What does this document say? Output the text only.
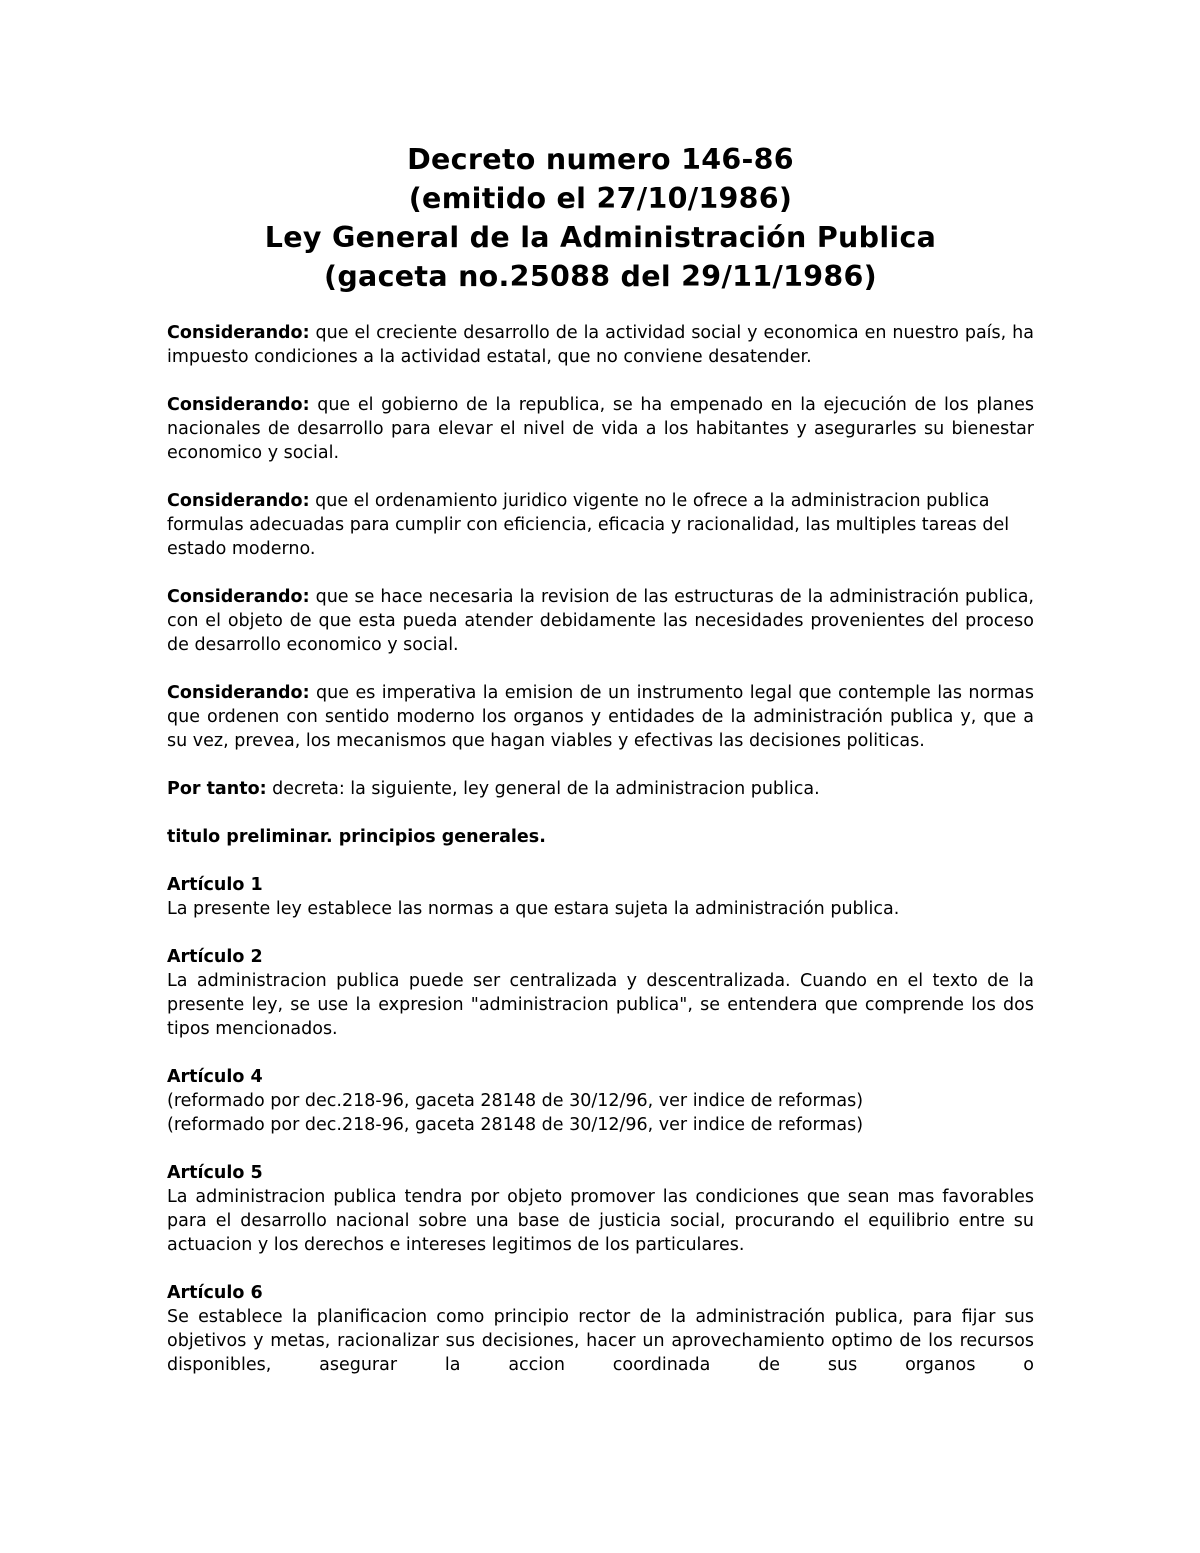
Decreto numero 146-86
(emitido el 27/10/1986)
Ley General de la Administración Publica
(gaceta no.25088 del 29/11/1986)

Considerando: que el creciente desarrollo de la actividad social y economica en nuestro país, ha impuesto condiciones a la actividad estatal, que no conviene desatender.

Considerando: que el gobierno de la republica, se ha empenado en la ejecución de los planes nacionales de desarrollo para elevar el nivel de vida a los habitantes y asegurarles su bienestar economico y social.

Considerando: que el ordenamiento juridico vigente no le ofrece a la administracion publica formulas adecuadas para cumplir con eficiencia, eficacia y racionalidad, las multiples tareas del estado moderno.

Considerando: que se hace necesaria la revision de las estructuras de la administración publica, con el objeto de que esta pueda atender debidamente las necesidades provenientes del proceso de desarrollo economico y social.

Considerando: que es imperativa la emision de un instrumento legal que contemple las normas que ordenen con sentido moderno los organos y entidades de la administración publica y, que a su vez, prevea, los mecanismos que hagan viables y efectivas las decisiones politicas.

Por tanto: decreta: la siguiente, ley general de la administracion publica.

titulo preliminar. principios generales.

Artículo 1
La presente ley establece las normas a que estara sujeta la administración publica.

Artículo 2
La administracion publica puede ser centralizada y descentralizada. Cuando en el texto de la presente ley, se use la expresion "administracion publica", se entendera que comprende los dos tipos mencionados.

Artículo 4
(reformado por dec.218-96, gaceta 28148 de 30/12/96, ver indice de reformas)
(reformado por dec.218-96, gaceta 28148 de 30/12/96, ver indice de reformas)

Artículo 5
La administracion publica tendra por objeto promover las condiciones que sean mas favorables para el desarrollo nacional sobre una base de justicia social, procurando el equilibrio entre su actuacion y los derechos e intereses legitimos de los particulares.

Artículo 6
Se establece la planificacion como principio rector de la administración publica, para fijar sus objetivos y metas, racionalizar sus decisiones, hacer un aprovechamiento optimo de los recursos disponibles, asegurar la accion coordinada de sus organos o
